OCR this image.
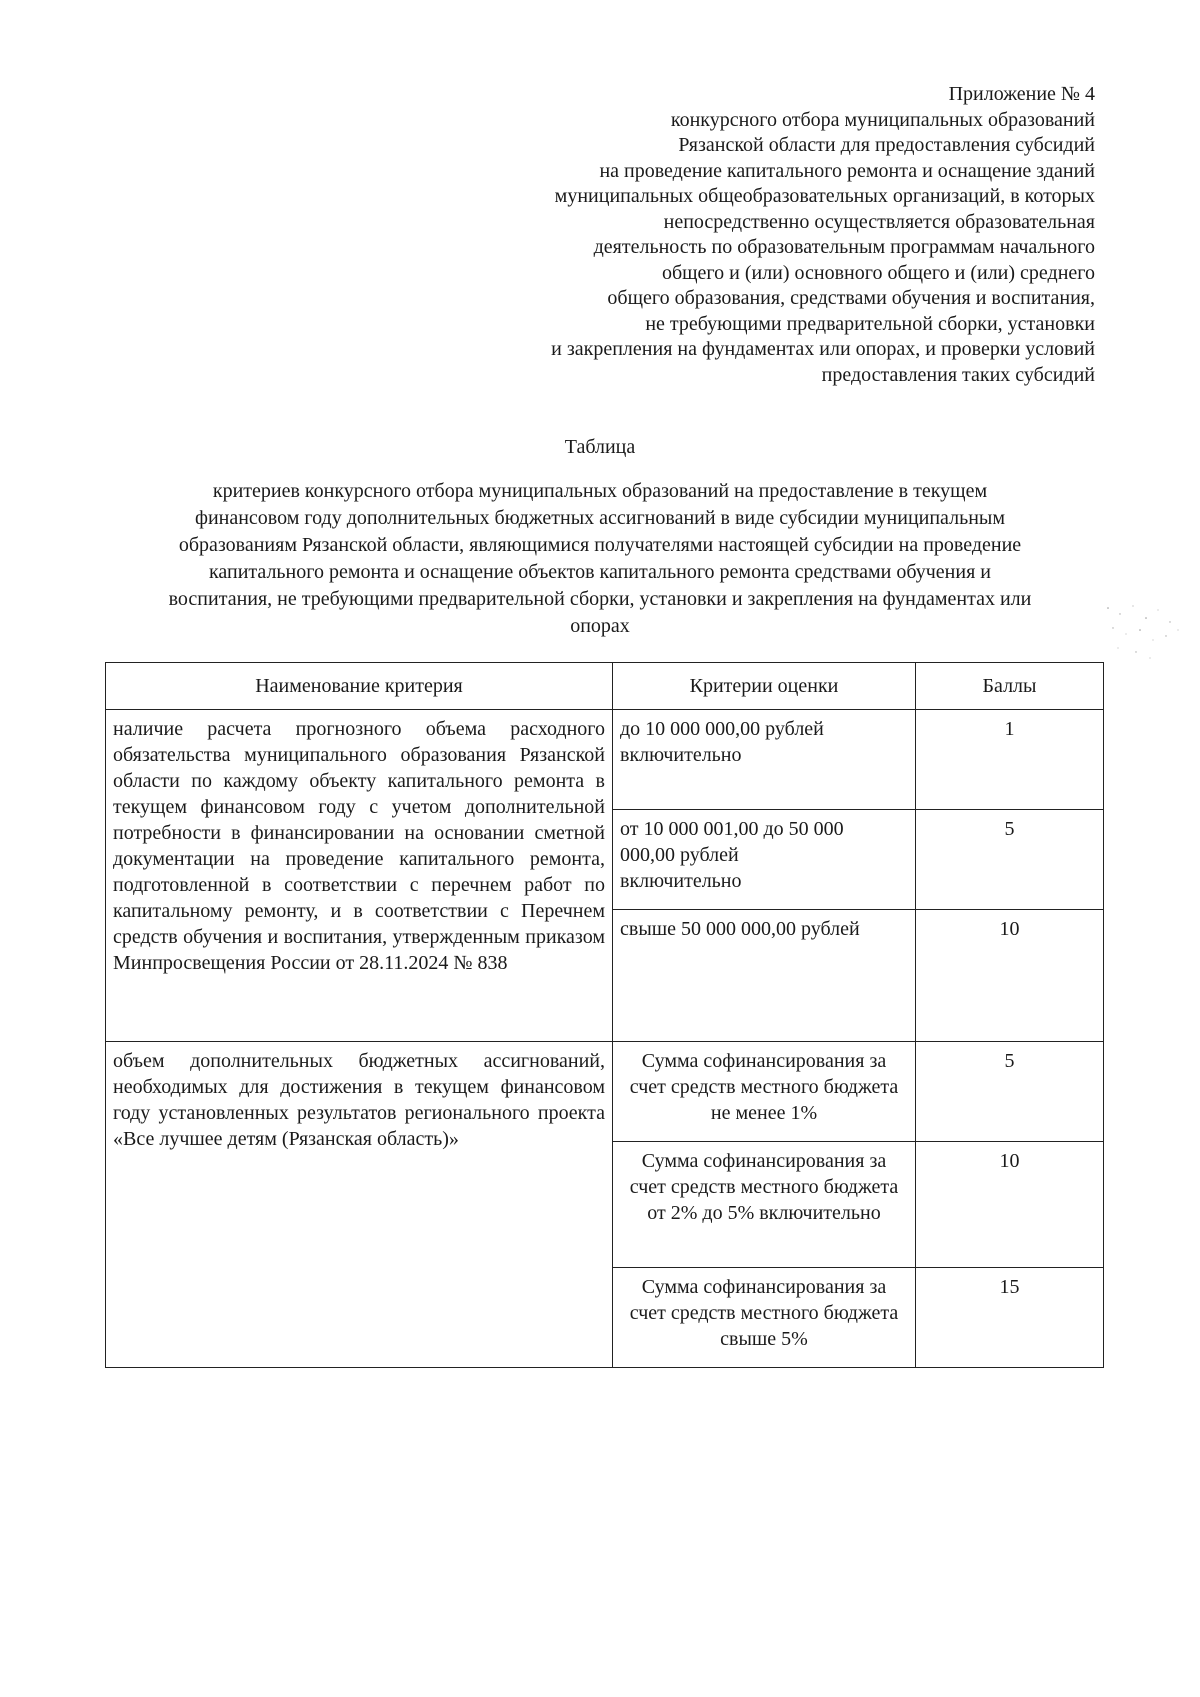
Приложение № 4
конкурсного отбора муниципальных образований
Рязанской области для предоставления субсидий
на проведение капитального ремонта и оснащение зданий
муниципальных общеобразовательных организаций, в которых
непосредственно осуществляется образовательная
деятельность по образовательным программам начального
общего и (или) основного общего и (или) среднего
общего образования, средствами обучения и воспитания,
не требующими предварительной сборки, установки
и закрепления на фундаментах или опорах, и проверки условий
предоставления таких субсидий
Таблица
критериев конкурсного отбора муниципальных образований на предоставление в текущем
финансовом году дополнительных бюджетных ассигнований в виде субсидии муниципальным
образованиям Рязанской области, являющимися получателями настоящей субсидии на проведение
капитального ремонта и оснащение объектов капитального ремонта средствами обучения и
воспитания, не требующими предварительной сборки, установки и закрепления на фундаментах или
опорах
Наименование критерия	Критерии оценки	Баллы

наличие расчета прогнозного объема расходного обязательства муниципального образования Рязанской области по каждому объекту капитального ремонта в текущем финансовом году с учетом дополнительной потребности в финансировании на основании сметной документации на проведение капитального ремонта, подготовленной в соответствии с перечнем работ по капитальному ремонту, и в соответствии с Перечнем средств обучения и воспитания, утвержденным приказом Минпросвещения России от 28.11.2024 № 838	до 10 000 000,00 рублей включительно	1

	от 10 000 001,00 до 50 000 000,00 рублей включительно	5

	свыше 50 000 000,00 рублей	10

объем дополнительных бюджетных ассигнований, необходимых для достижения в текущем финансовом году установленных результатов регионального проекта «Все лучшее детям (Рязанская область)»	Сумма софинансирования за счет средств местного бюджета не менее 1%	5

	Сумма софинансирования за счет средств местного бюджета от 2% до 5% включительно	10

	Сумма софинансирования за счет средств местного бюджета свыше 5%	15
